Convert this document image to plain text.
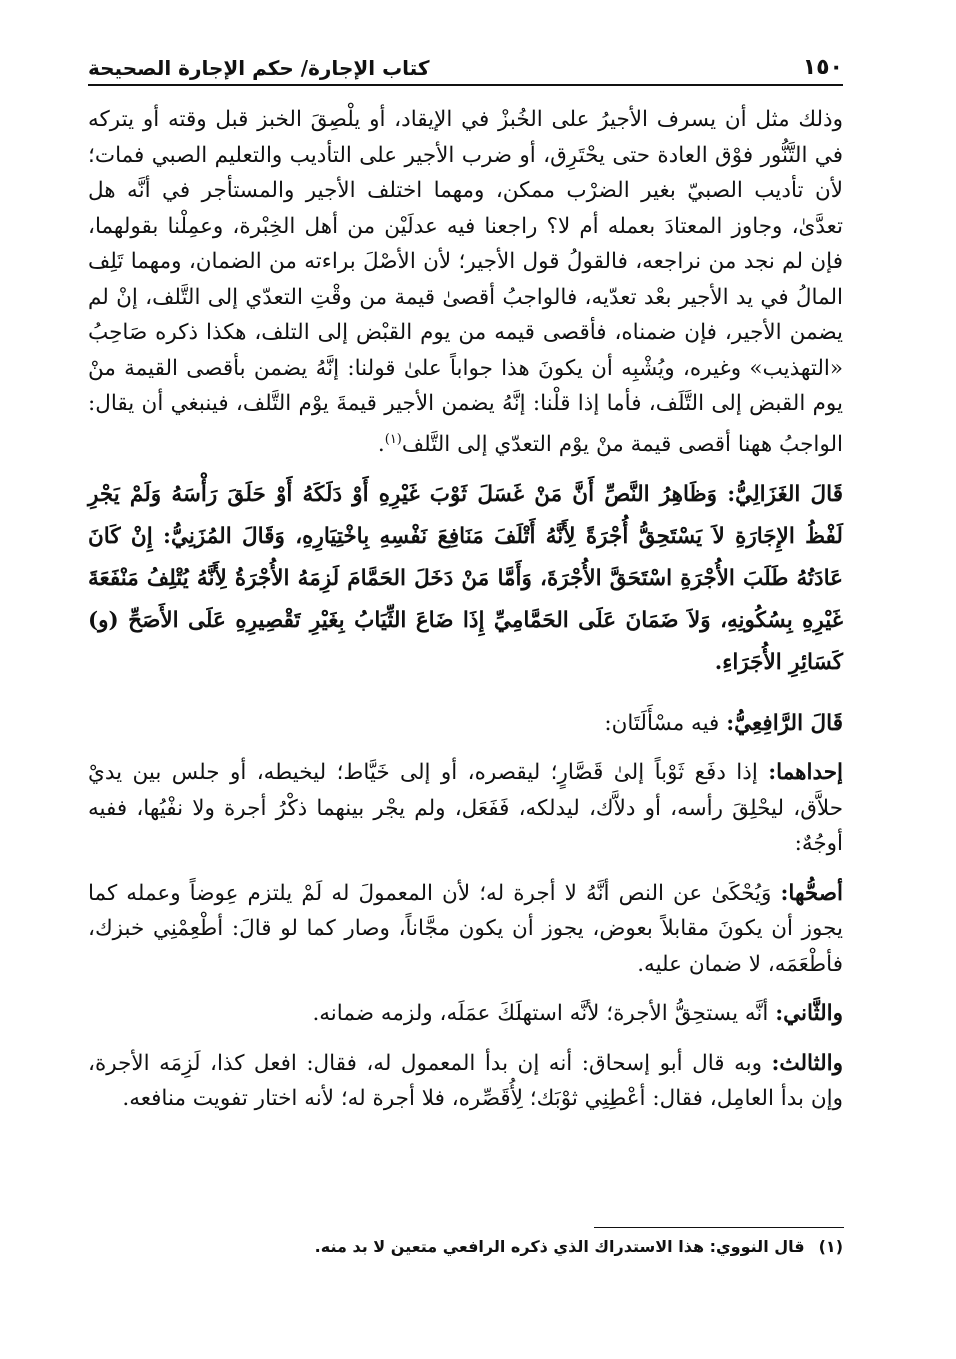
١٥٠
كتاب الإجارة/ حكم الإجارة الصحيحة

وذلك مثل أن يسرف الأجيرُ على الخُبزْ في الإيقاد، أو يلْصِقَ الخبز قبل وقته أو يتركه في التَّنُّور فوْق العادة حتى يحْتَرِق، أو ضرب الأجير على التأديب والتعليم الصبي فمات؛ لأن تأديب الصبيّ بغير الضرْب ممكن، ومهما اختلف الأجير والمستأجر في أنَّه هل تعدَّىٰ، وجاوز المعتادَ بعمله أم لا؟ راجعنا فيه عدلَيْن من أهل الخِبْرة، وعمِلْنا بقولهما، فإن لم نجد من نراجعه، فالقولُ قول الأجير؛ لأن الأصْلَ براءته من الضمان، ومهما تَلِف المالُ في يد الأجير بعْد تعدّيه، فالواجبُ أقصىٰ قيمة من وقْتِ التعدّي إلى التَّلف، إنْ لم يضمن الأجير، فإن ضمناه، فأقصى قيمه من يوم القبْض إلى التلف، هكذا ذكره صَاحِبُ «التهذيب» وغيره، ويُشْبِه أن يكونَ هذا جواباً علىٰ قولنا: إنَّهُ يضمن بأقصى القيمة منْ يوم القبض إلى التَّلَف، فأما إذا قلْنا: إنَّهُ يضمن الأجير قيمةَ يوْم التَّلف، فينبغي أن يقال: الواجبُ ههنا أقصى قيمة منْ يوْم التعدّي إلى التَّلف$^{(١)}$.

قَالَ الغَزَالِيُّ: وَظَاهِرُ النَّصِّ أَنَّ مَنْ غَسَلَ ثَوْبَ غَيْرِهِ أَوْ دَلَكَهُ أَوْ حَلَقَ رَأْسَهُ وَلَمْ يَجْرِ لَفْظُ الإِجَارَةِ لاَ يَسْتَحِقُّ أُجْرَةً لِأَنَّهُ أَتْلَفَ مَنَافِعَ نَفْسِهِ بِاخْتِيَارِهِ، وَقَالَ المُزَنِيُّ: إِنْ كَانَ عَادَتُهُ طَلَبَ الأُجْرَةِ اسْتَحَقَّ الأُجْرَةَ، وَأَمَّا مَنْ دَخَلَ الحَمَّامَ لَزِمَهُ الأُجْرَةُ لِأَنَّهُ يُتْلِفُ مَنْفَعَةَ غَيْرِهِ بِسُكُونِهِ، وَلاَ ضَمَانَ عَلَى الحَمَّامِيِّ إِذَا ضَاعَ الثِّيَابُ بِغَيْرِ تَقْصِيرِهِ عَلَى الأَصَحِّ (و) كَسَائِرِ الأُجَرَاءِ.

قَالَ الرَّافِعِيُّ: فيه مسْأَلَتَان:

إحداهما: إذا دفَع ثَوْباً إلىٰ قَصَّارٍ؛ ليقصره، أو إلى خَيَّاط؛ ليخيطه، أو جلس بين يديْ حلاَّق، ليحْلِقَ رأسه، أو دلاَّك، ليدلكه، فَفَعَل، ولم يجْر بينهما ذكْرُ أجرة ولا نفْيُها، ففيه أوجُهٌ:

أصحُّها: وَيُحْكَىٰ عن النص أنَّهُ لا أجرة له؛ لأن المعمولَ له لَمْ يلتزم عِوضاً وعمله كما يجوز أن يكونَ مقابلاً بعوض، يجوز أن يكون مجَّاناً، وصار كما لو قالَ: أطْعِمْنِي خبزك، فأطْعَمَه، لا ضمان عليه.

والثَّاني: أنَّه يستحِقُّ الأجرة؛ لأنَّه استهلَكَ عمَلَه، ولزمه ضمانه.

والثالث: وبه قال أبو إسحاق: أنه إن بدأ المعمول له، فقال: افعل كذا، لَزِمَه الأجرة، وإن بدأ العامِل، فقال: أعْطِنِي ثوْبَك؛ لِأُقَصِّره، فلا أجرة له؛ لأنه اختار تفويت منافعه.

(١)قال النووي: هذا الاستدراك الذي ذكره الرافعي متعين لا بد منه.
